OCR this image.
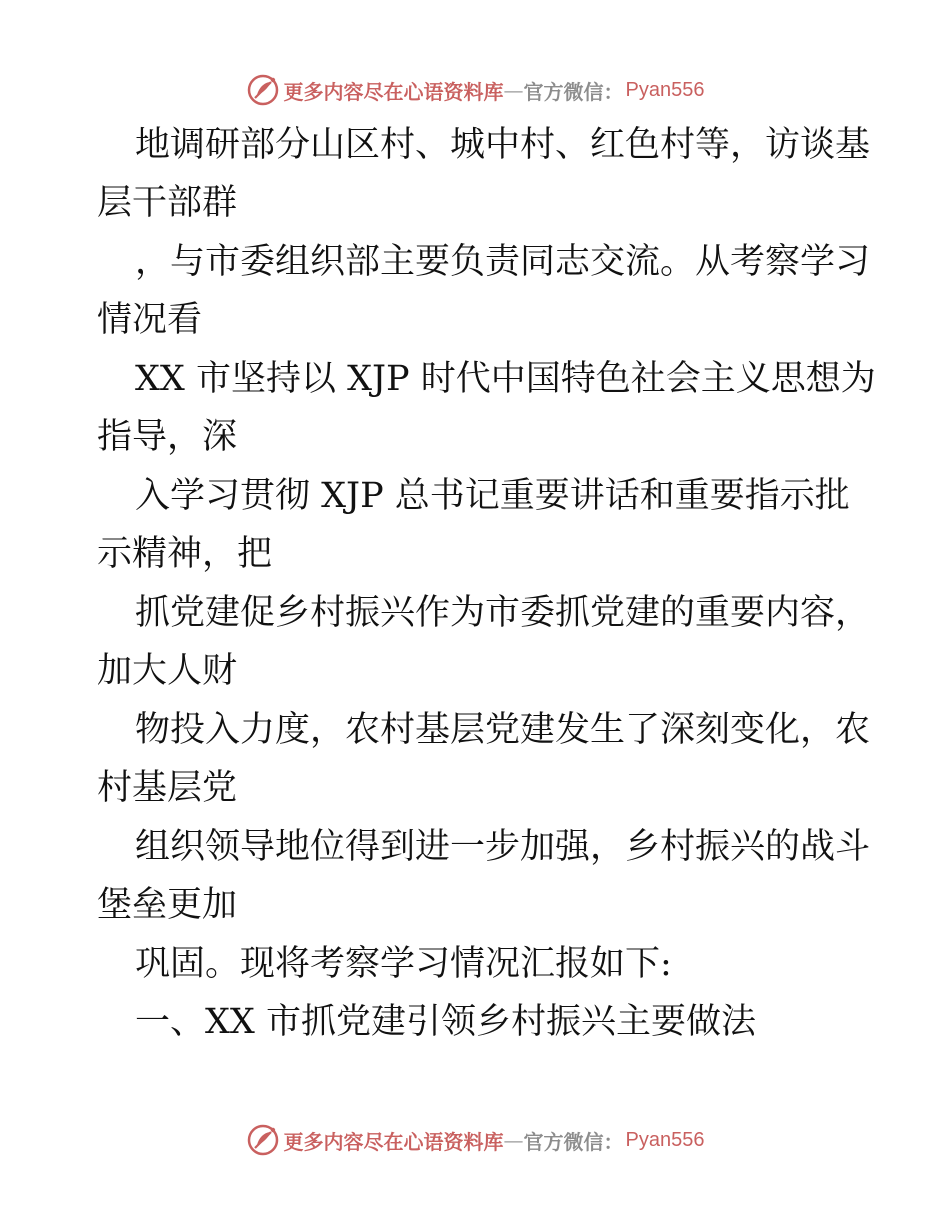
更多内容尽在心语资料库 — 官方微信： Pyan556
地调研部分山区村、城中村、红色村等，访谈基
层干部群
，与市委组织部主要负责同志交流。从考察学习
情况看
XX 市坚持以 XJP 时代中国特色社会主义思想为
指导，深
入学习贯彻 XJP 总书记重要讲话和重要指示批
示精神，把
抓党建促乡村振兴作为市委抓党建的重要内容，
加大人财
物投入力度，农村基层党建发生了深刻变化，农
村基层党
组织领导地位得到进一步加强，乡村振兴的战斗
堡垒更加
巩固。现将考察学习情况汇报如下:
一、XX 市抓党建引领乡村振兴主要做法
更多内容尽在心语资料库 — 官方微信： Pyan556
